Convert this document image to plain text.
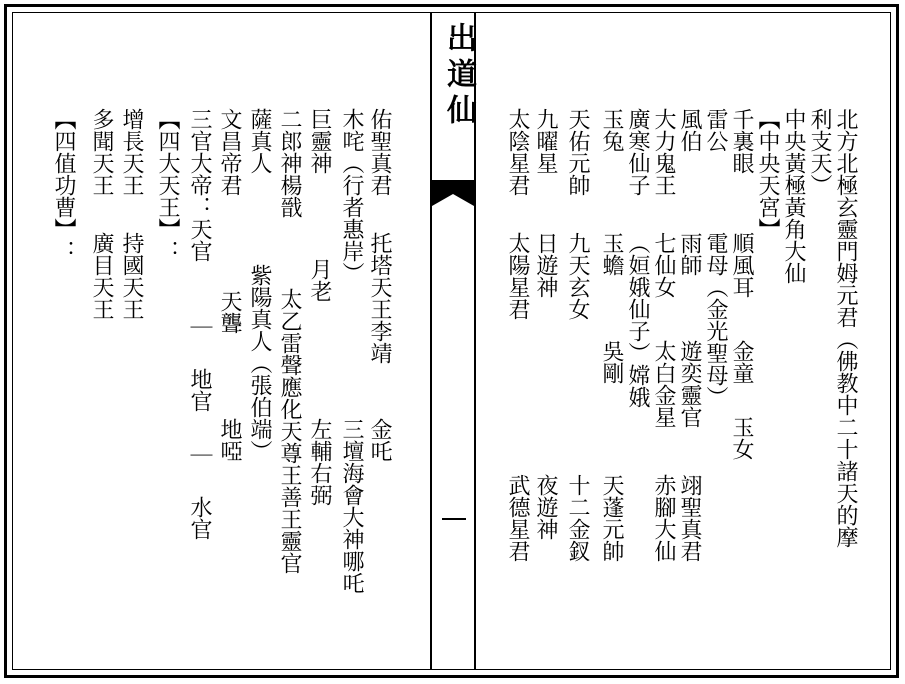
出道仙
北方北極玄靈門姆元君（佛教中二十諸天的摩
利支天）
中央黃極黃角大仙
【中央天宮】
千裏眼
順風耳
金童
玉女
雷公
電母（金光聖母）
風伯
雨師
遊奕靈官
翊聖真君
大力鬼王
七仙女
太白金星
赤腳大仙
廣寒仙子
（姮娥仙子）嫦娥
玉兔
玉蟾
吳剛
天蓬元帥
天佑元帥
九天玄女
十二金釵
九曜星
日遊神
夜遊神
太陰星君
太陽星君
武德星君
佑聖真君
托塔天王李靖
金吒
木咤（行者惠岸）
三壇海會大神哪吒
巨靈神
月老
左輔右弼
二郎神楊戩
太乙雷聲應化天尊王善王靈官
薩真人
紫陽真人（張伯端）
文昌帝君
天聾
地啞
三官大帝：天官
｜
地官
｜
水官
【四大天王】：
增長天王
持國天王
多聞天王
廣目天王
【四值功曹】：
